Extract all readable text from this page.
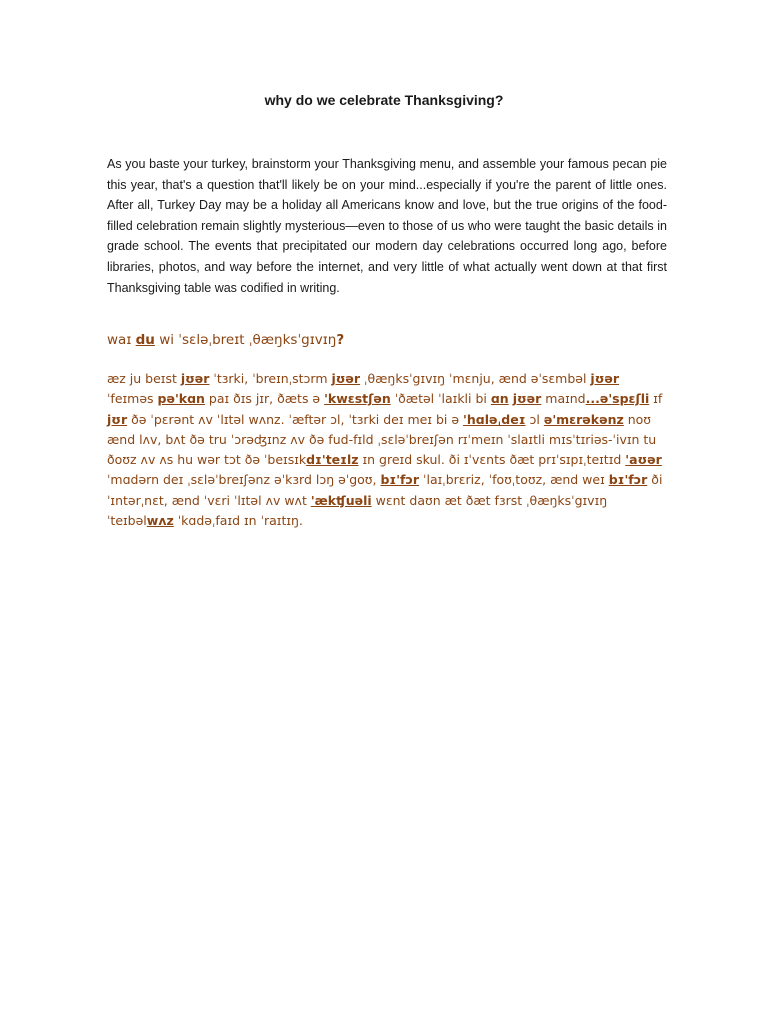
why do we celebrate Thanksgiving?
As you baste your turkey, brainstorm your Thanksgiving menu, and assemble your famous pecan pie this year, that's a question that'll likely be on your mind...especially if you're the parent of little ones. After all, Turkey Day may be a holiday all Americans know and love, but the true origins of the food-filled celebration remain slightly mysterious—even to those of us who were taught the basic details in grade school. The events that precipitated our modern day celebrations occurred long ago, before libraries, photos, and way before the internet, and very little of what actually went down at that first Thanksgiving table was codified in writing.
waɪ du wi ˈsɛləˌbreɪt ˌθæŋksˈgɪvɪŋ?
æz ju beɪst jʊər ˈtɜrki, ˈbreɪnˌstɔrm jʊər ˌθæŋksˈgɪvɪŋ ˈmɛnju, ænd əˈsɛmbəl jʊər ˈfeɪməs pə'kɑn paɪ ðɪs jɪr, ðæts ə 'kwɛstʃən ˈðætəl ˈlaɪkli bi ɑn jʊər maɪnd...ə'spɛʃli ɪf jʊr ðə ˈpɛrənt ʌv ˈlɪtəl wʌnz. ˈæftər ɔl, ˈtɜrki deɪ meɪ bi ə 'hɑləˌdeɪ ɔl ə'mɛrəkənz noʊ ænd lʌv, bʌt ðə tru ˈɔrəʤɪnz ʌv ðə fud-fɪld ˌsɛləˈbreɪʃən rɪˈmeɪn ˈslaɪtli mɪsˈtɪriəs-ˈivɪn tu ðoʊz ʌv ʌs hu wər tɔt ðə ˈbeɪsɪkdɪ'teɪlz ɪn greɪd skul. ði ɪˈvɛnts ðæt prɪˈsɪpɪˌteɪtɪd 'aʊər ˈmɑdərn deɪ ˌsɛləˈbreɪʃənz əˈkɜrd lɔŋ əˈgoʊ, bɪ'fɔr ˈlaɪˌbrɛriz, ˈfoʊˌtoʊz, ænd weɪ bɪ'fɔr ði ˈɪntərˌnɛt, ænd ˈvɛri ˈlɪtəl ʌv wʌt 'ækʧuəli wɛnt daʊn æt ðæt fɜrst ˌθæŋksˈgɪvɪŋ ˈteɪbəlwʌz ˈkɑdəˌfaɪd ɪn ˈraɪtɪŋ.
